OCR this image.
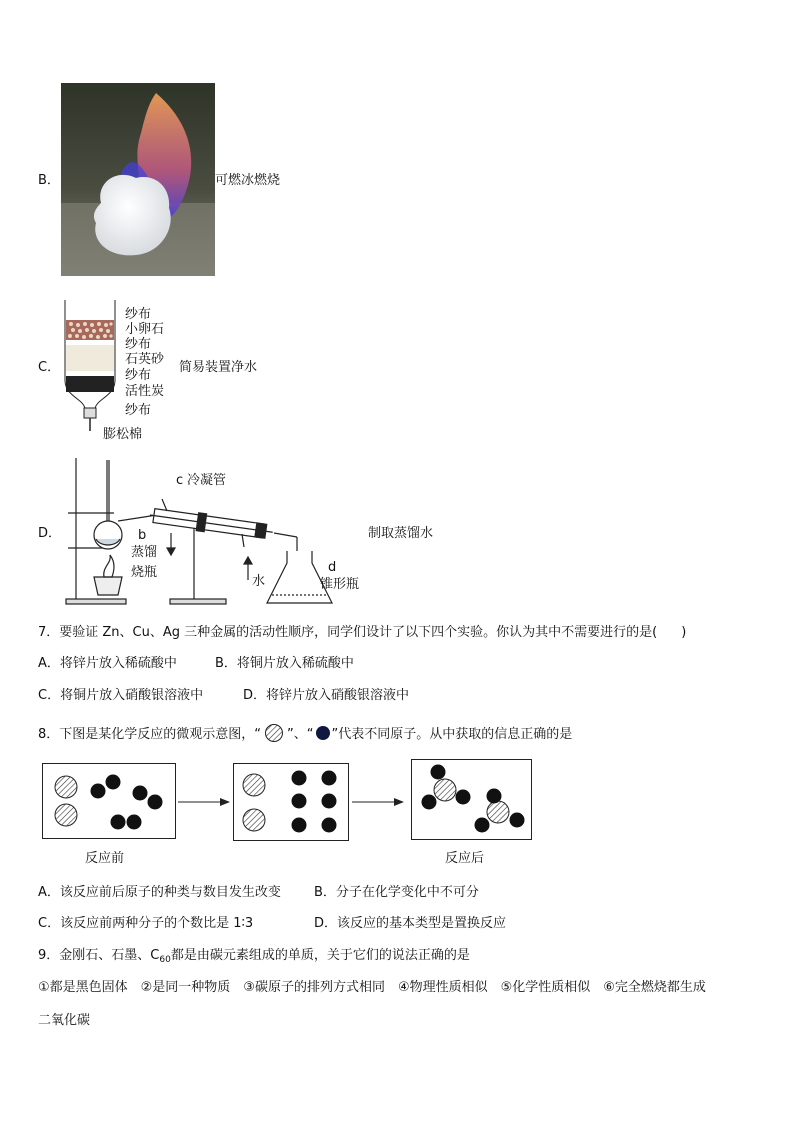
B．	可燃冰燃烧
C．
纱布
小卵石
纱布
石英砂
纱布
活性炭
纱布
膨松棉
简易装置净水
D．
c 冷凝管
b
蒸馏
烧瓶
水
d
锥形瓶
制取蒸馏水
7．要验证 Zn、Cu、Ag 三种金属的活动性顺序，同学们设计了以下四个实验。你认为其中不需要进行的是( )
A．将锌片放入稀硫酸中	B．将铜片放入稀硫酸中
C．将铜片放入硝酸银溶液中	D．将锌片放入硝酸银溶液中
8．下图是某化学反应的微观示意图，“ ”、“ ”代表不同原子。从中获取的信息正确的是
反应前	反应后
A．该反应前后原子的种类与数目发生改变	B．分子在化学变化中不可分
C．该反应前两种分子的个数比是 1∶3	D．该反应的基本类型是置换反应
9．金刚石、石墨、$C_{60}$都是由碳元素组成的单质，关于它们的说法正确的是
①都是黑色固体　②是同一种物质　③碳原子的排列方式相同　④物理性质相似　⑤化学性质相似　⑥完全燃烧都生成
二氧化碳
